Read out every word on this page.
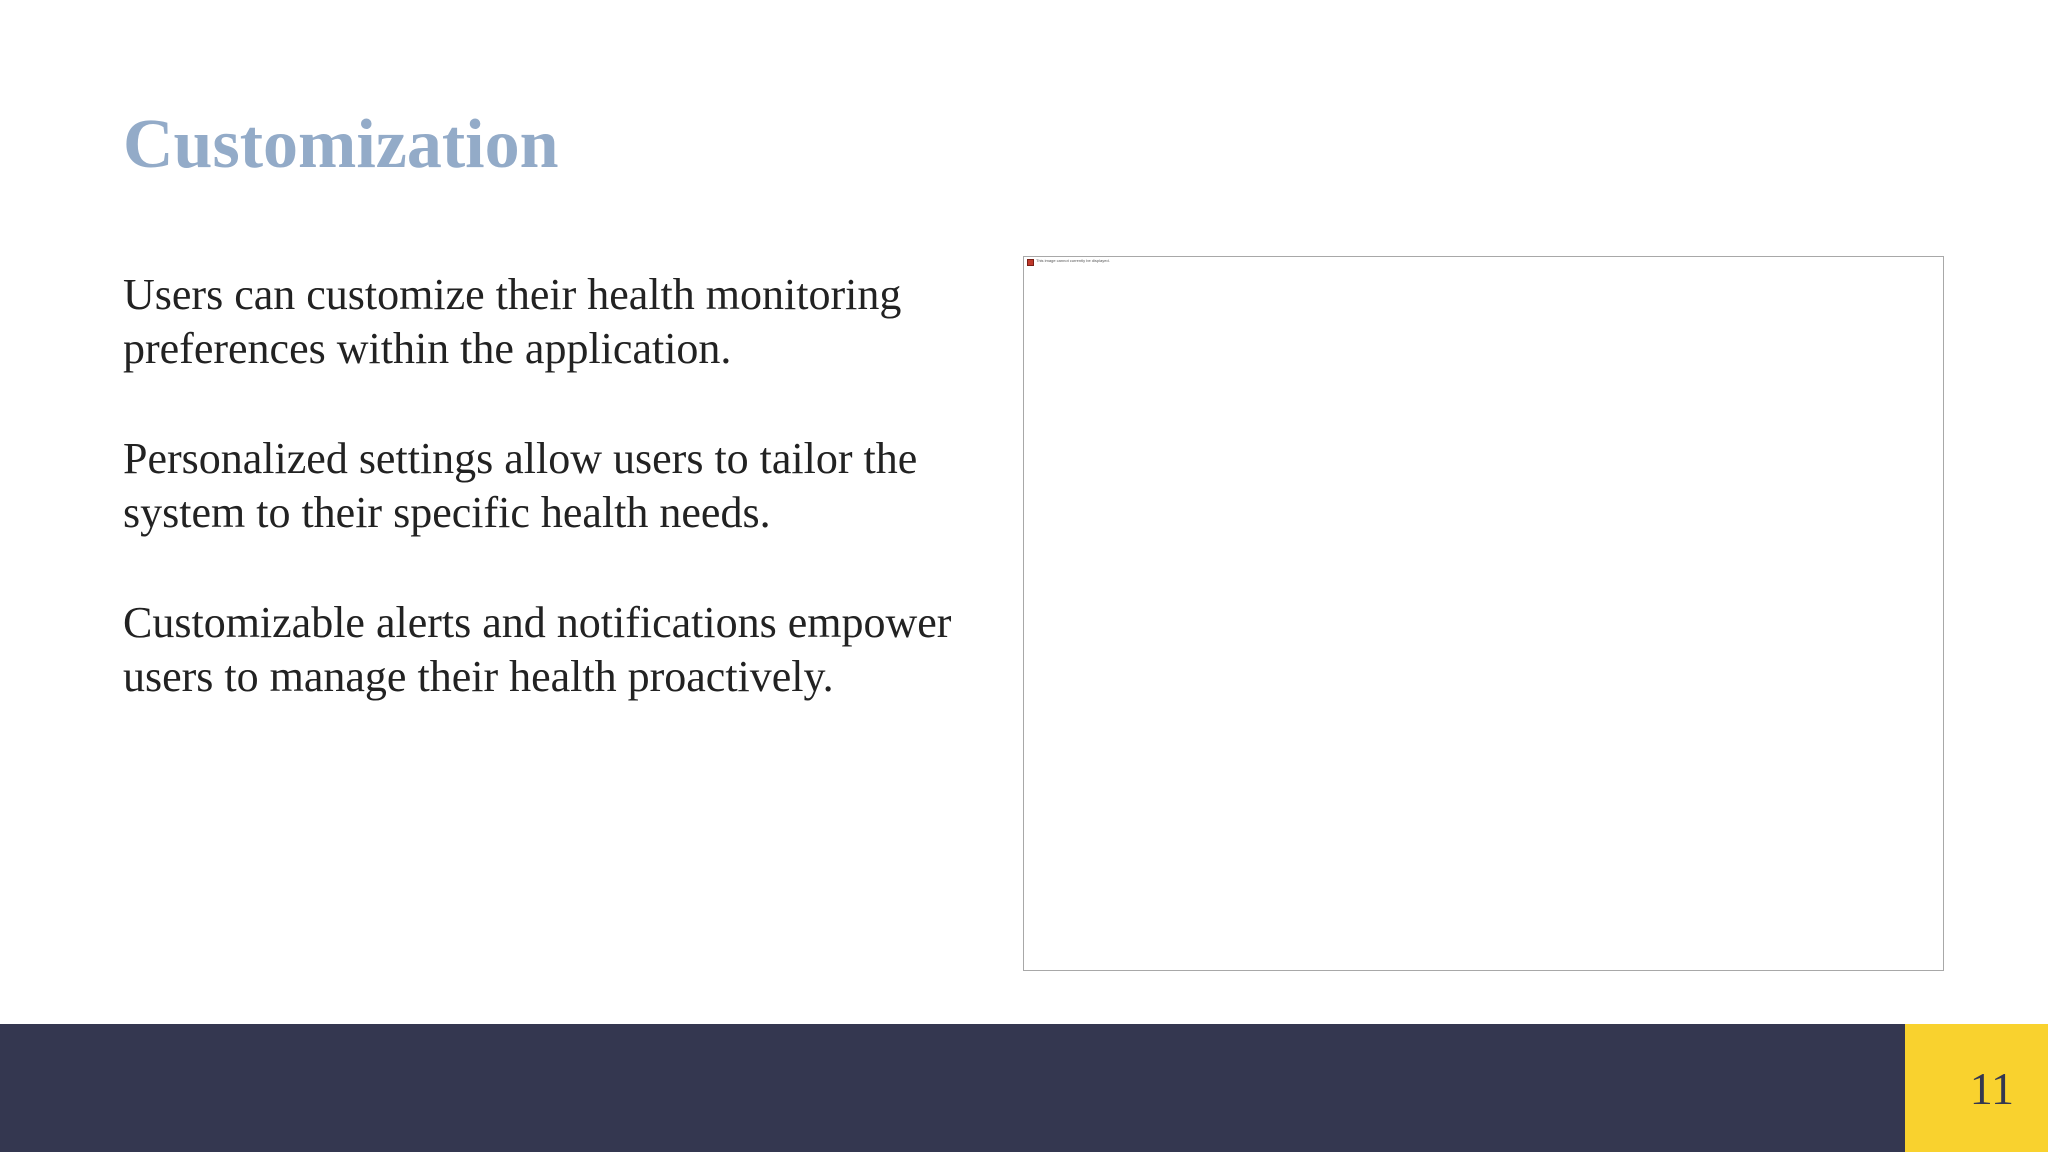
Customization
Users can customize their health monitoring preferences within the application.
Personalized settings allow users to tailor the system to their specific health needs.
Customizable alerts and notifications empower users to manage their health proactively.
This image cannot currently be displayed.
11
